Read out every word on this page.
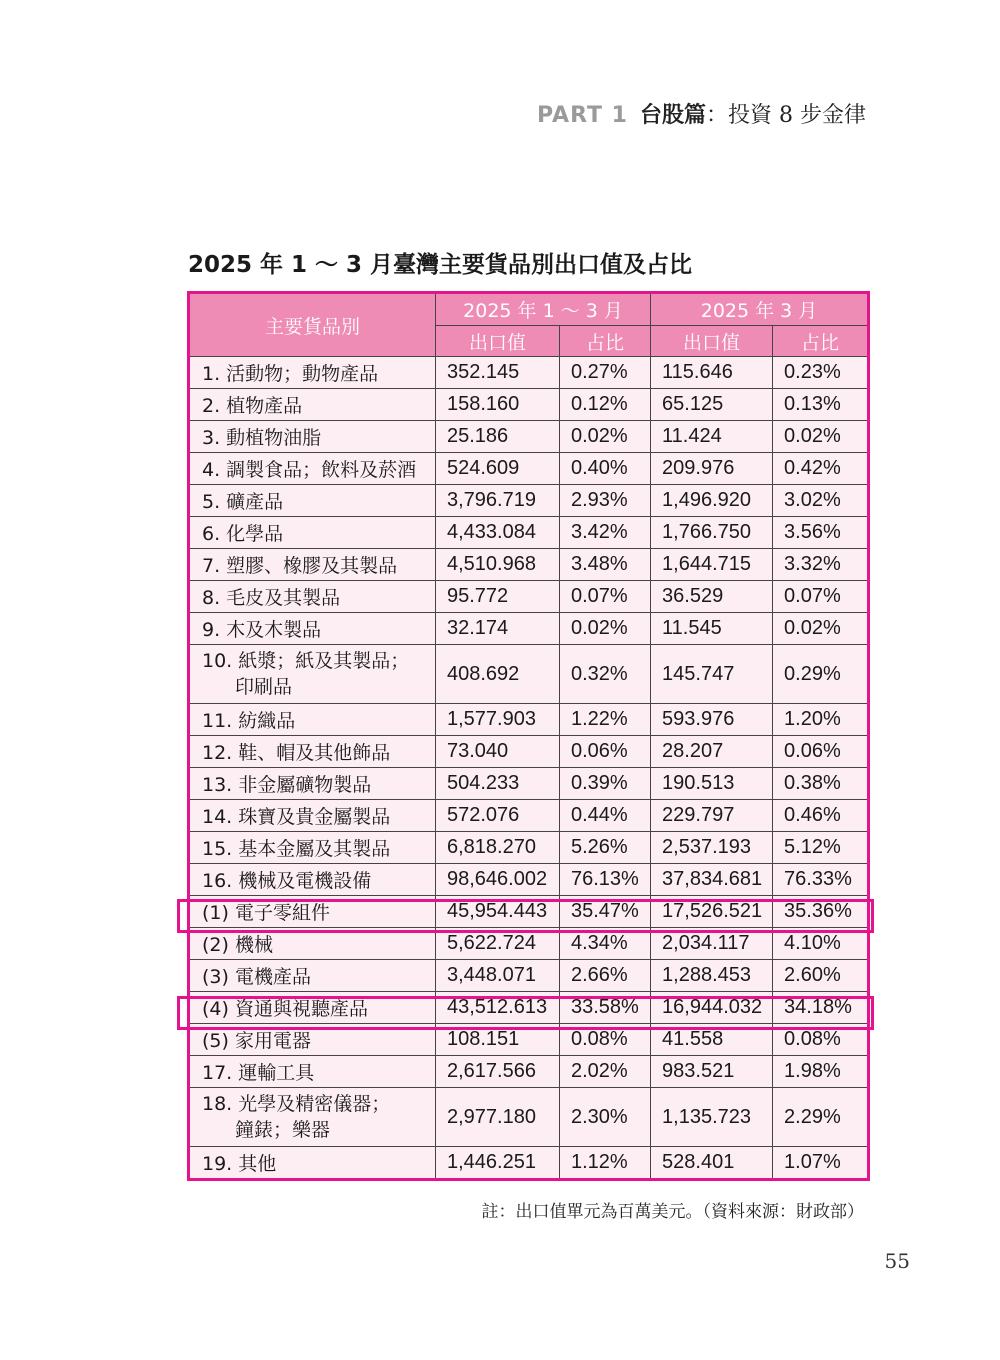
PART 1 台股篇：投資 8 步金律
2025 年 1 ～ 3 月臺灣主要貨品別出口值及占比
主要貨品別	2025 年 1 ～ 3 月		2025 年 3 月	
	出口值	占比	出口值	占比
1. 活動物；動物產品	352.145	0.27%	115.646	0.23%
2. 植物產品	158.160	0.12%	65.125	0.13%
3. 動植物油脂	25.186	0.02%	11.424	0.02%
4. 調製食品；飲料及菸酒	524.609	0.40%	209.976	0.42%
5. 礦產品	3,796.719	2.93%	1,496.920	3.02%
6. 化學品	4,433.084	3.42%	1,766.750	3.56%
7. 塑膠、橡膠及其製品	4,510.968	3.48%	1,644.715	3.32%
8. 毛皮及其製品	95.772	0.07%	36.529	0.07%
9. 木及木製品	32.174	0.02%	11.545	0.02%

10. 紙漿；紙及其製品；
印刷品	408.692	0.32%	145.747	0.29%
11. 紡織品	1,577.903	1.22%	593.976	1.20%
12. 鞋、帽及其他飾品	73.040	0.06%	28.207	0.06%
13. 非金屬礦物製品	504.233	0.39%	190.513	0.38%
14. 珠寶及貴金屬製品	572.076	0.44%	229.797	0.46%
15. 基本金屬及其製品	6,818.270	5.26%	2,537.193	5.12%
16. 機械及電機設備	98,646.002	76.13%	37,834.681	76.33%
(1) 電子零組件	45,954.443	35.47%	17,526.521	35.36%
(2) 機械	5,622.724	4.34%	2,034.117	4.10%
(3) 電機產品	3,448.071	2.66%	1,288.453	2.60%
(4) 資通與視聽產品	43,512.613	33.58%	16,944.032	34.18%
(5) 家用電器	108.151	0.08%	41.558	0.08%
17. 運輸工具	2,617.566	2.02%	983.521	1.98%

18. 光學及精密儀器；
鐘錶；樂器	2,977.180	2.30%	1,135.723	2.29%
19. 其他	1,446.251	1.12%	528.401	1.07%
註：出口值單元為百萬美元。（資料來源：財政部）
55
